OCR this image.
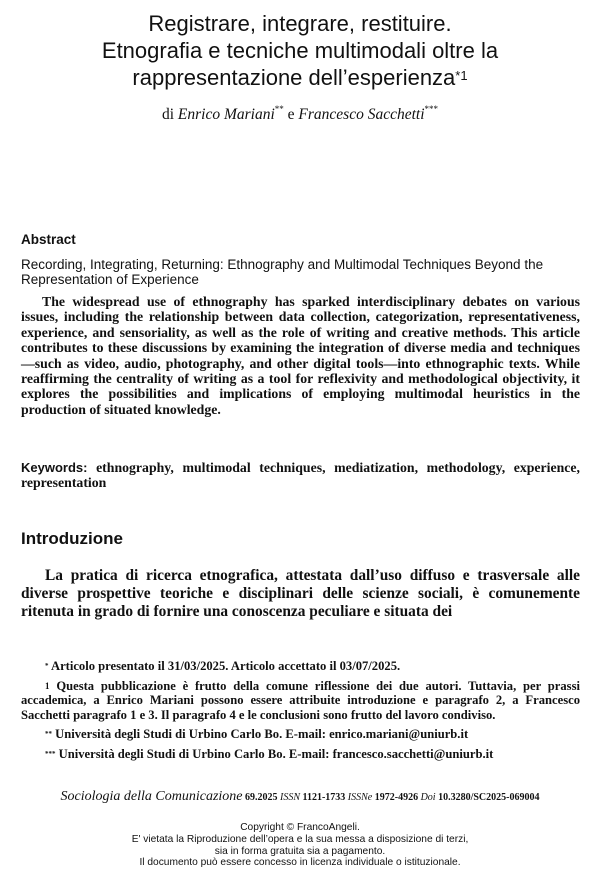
Registrare, integrare, restituire.
Etnografia e tecniche multimodali oltre la
rappresentazione dell’esperienza$^{*1}$
di Enrico Mariani** e Francesco Sacchetti***
Abstract
Recording, Integrating, Returning: Ethnography and Multimodal Techniques Beyond the Representation of Experience
The widespread use of ethnography has sparked interdisciplinary debates on various issues, including the relationship between data collection, categorization, representativeness, experience, and sensoriality, as well as the role of writing and creative methods. This article contributes to these discussions by examining the integration of diverse media and techniques—such as video, audio, photography, and other digital tools—into ethnographic texts. While reaffirming the centrality of writing as a tool for reflexivity and methodological objectivity, it explores the possibilities and implications of employing multimodal heuristics in the production of situated knowledge.
Keywords: ethnography, multimodal techniques, mediatization, methodology, experience, representation
Introduzione
La pratica di ricerca etnografica, attestata dall’uso diffuso e trasversale alle diverse prospettive teoriche e disciplinari delle scienze sociali, è comunemente ritenuta in grado di fornire una conoscenza peculiare e situata dei

* Articolo presentato il 31/03/2025. Articolo accettato il 03/07/2025.

$^1$ Questa pubblicazione è frutto della comune riflessione dei due autori. Tuttavia, per prassi accademica, a Enrico Mariani possono essere attribuite introduzione e paragrafo 2, a Francesco Sacchetti paragrafo 1 e 3. Il paragrafo 4 e le conclusioni sono frutto del lavoro condiviso.

** Università degli Studi di Urbino Carlo Bo. E-mail: enrico.mariani@uniurb.it

*** Università degli Studi di Urbino Carlo Bo. E-mail: francesco.sacchetti@uniurb.it

Sociologia della Comunicazione 69.2025 ISSN 1121-1733 ISSNe 1972-4926 Doi 10.3280/SC2025-069004
Copyright © FrancoAngeli.
E' vietata la Riproduzione dell’opera e la sua messa a disposizione di terzi,
sia in forma gratuita sia a pagamento.
Il documento può essere concesso in licenza individuale o istituzionale.
